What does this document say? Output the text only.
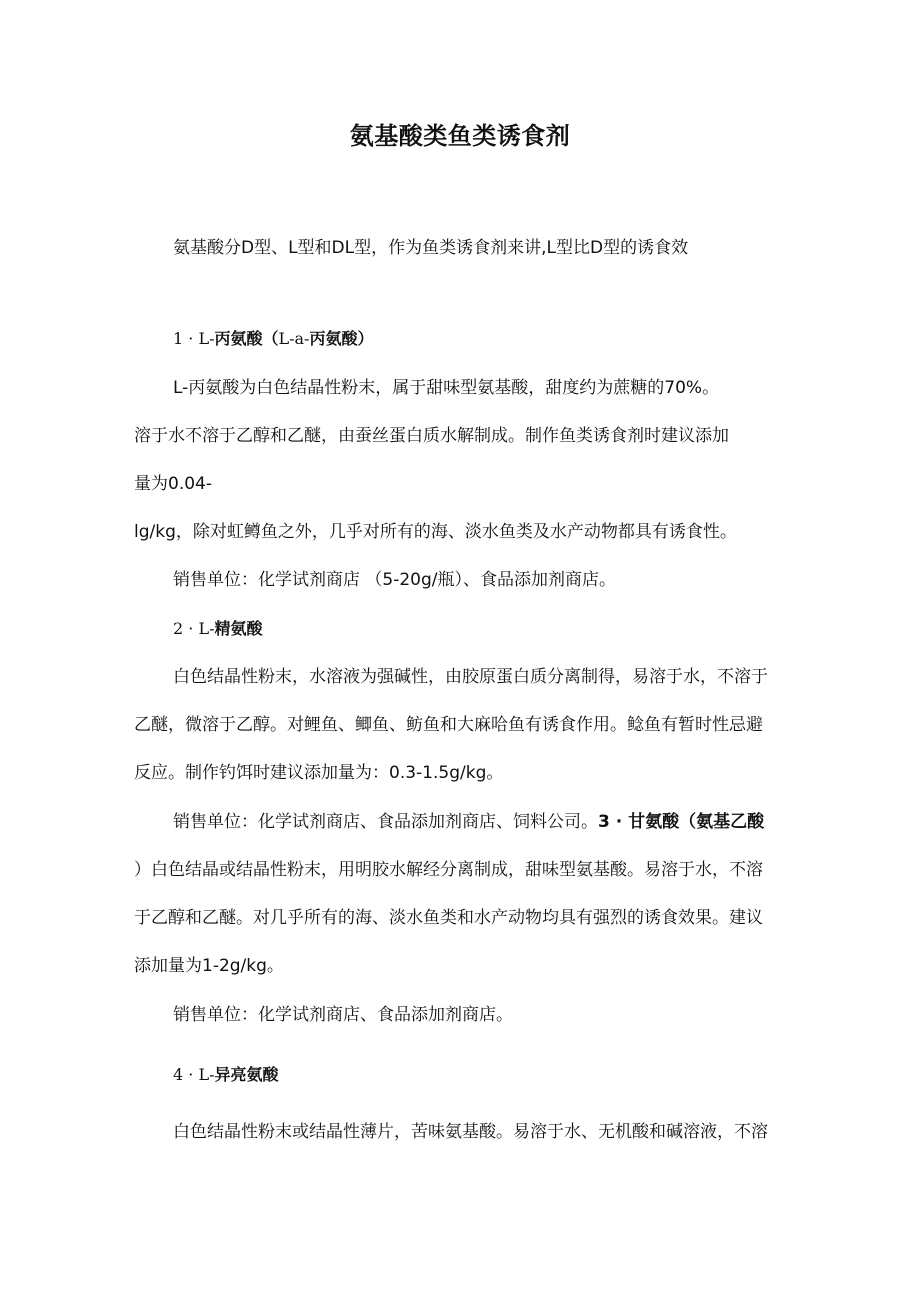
氨基酸类鱼类诱食剂
氨基酸分D型、L型和DL型，作为鱼类诱食剂来讲,L型比D型的诱食效
1 · L-丙氨酸（L-a-丙氨酸）
L-丙氨酸为白色结晶性粉末，属于甜味型氨基酸，甜度约为蔗糖的70%。
溶于水不溶于乙醇和乙醚，由蚕丝蛋白质水解制成。制作鱼类诱食剂时建议添加
量为0.04-
lg/kg，除对虹鳟鱼之外，几乎对所有的海、淡水鱼类及水产动物都具有诱食性。
销售单位：化学试剂商店 （5-20g/瓶）、食品添加剂商店。
2 · L-精氨酸
白色结晶性粉末，水溶液为强碱性，由胶原蛋白质分离制得，易溶于水，不溶于
乙醚，微溶于乙醇。对鲤鱼、鲫鱼、鲂鱼和大麻哈鱼有诱食作用。鲶鱼有暂时性忌避
反应。制作钓饵时建议添加量为：0.3-1.5g/kg。
销售单位：化学试剂商店、食品添加剂商店、饲料公司。3 · 甘氨酸（氨基乙酸
）白色结晶或结晶性粉末，用明胶水解经分离制成，甜味型氨基酸。易溶于水，不溶
于乙醇和乙醚。对几乎所有的海、淡水鱼类和水产动物均具有强烈的诱食效果。建议
添加量为1-2g/kg。
销售单位：化学试剂商店、食品添加剂商店。
4 · L-异亮氨酸
白色结晶性粉末或结晶性薄片，苦味氨基酸。易溶于水、无机酸和碱溶液，不溶
